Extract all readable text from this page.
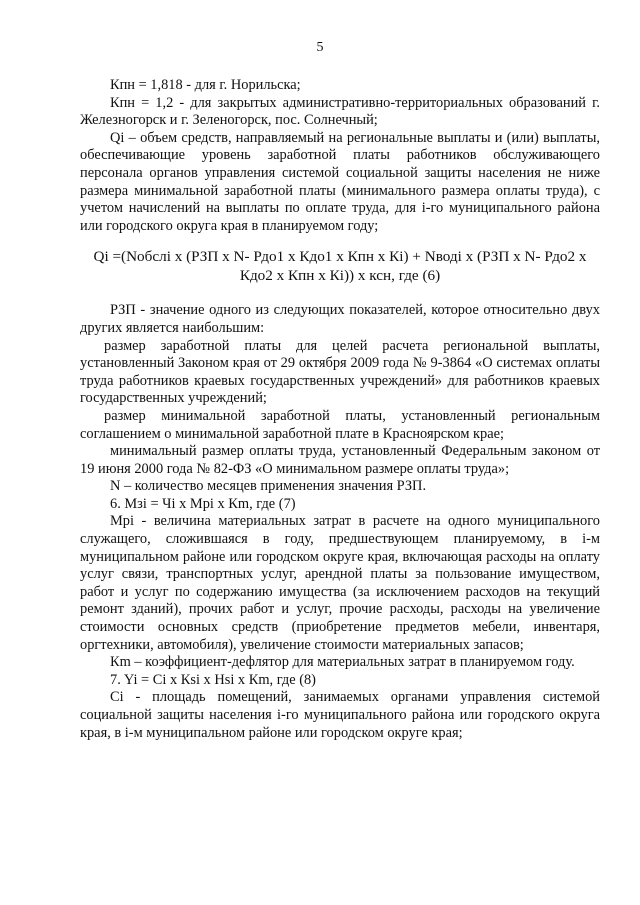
5

Кпн = 1,818 - для г. Норильска;

Кпн = 1,2 - для закрытых административно-территориальных образований г. Железногорск и г. Зеленогорск, пос. Солнечный;

Qi – объем средств, направляемый на региональные выплаты и (или) выплаты, обеспечивающие уровень заработной платы работников обслуживающего персонала органов управления системой социальной защиты населения не ниже размера минимальной заработной платы (минимального размера оплаты труда), с учетом начислений на выплаты по оплате труда, для i-го муниципального района или городского округа края в планируемом году;

Qi =(Nобслi x (РЗП x N- Рдо1 x Кдо1 x Кпн x Кi) + Nводi x (РЗП x N- Рдо2 x Кдо2 x Кпн x Кi)) x ксн, где (6)

РЗП - значение одного из следующих показателей, которое относительно двух других является наибольшим:

размер заработной платы для целей расчета региональной выплаты, установленный Законом края от 29 октября 2009 года № 9-3864 «О системах оплаты труда работников краевых государственных учреждений» для работников краевых государственных учреждений;

размер минимальной заработной платы, установленный региональным соглашением о минимальной заработной плате в Красноярском крае;

минимальный размер оплаты труда, установленный Федеральным законом от 19 июня 2000 года № 82-ФЗ «О минимальном размере оплаты труда»;

N – количество месяцев применения значения РЗП.

6. Мзi = Чi x Мрi x Кm, где (7)

Мрi - величина материальных затрат в расчете на одного муниципального служащего, сложившаяся в году, предшествующем планируемому, в i-м муниципальном районе или городском округе края, включающая расходы на оплату услуг связи, транспортных услуг, арендной платы за пользование имуществом, работ и услуг по содержанию имущества (за исключением расходов на текущий ремонт зданий), прочих работ и услуг, прочие расходы, расходы на увеличение стоимости основных средств (приобретение предметов мебели, инвентаря, оргтехники, автомобиля), увеличение стоимости материальных запасов;

Кm – коэффициент-дефлятор для материальных затрат в планируемом году.

7. Yi = Сi x Кsi x Hsi x Кm, где (8)

Сi - площадь помещений, занимаемых органами управления системой социальной защиты населения i-го муниципального района или городского округа края, в i-м муниципальном районе или городском округе края;
